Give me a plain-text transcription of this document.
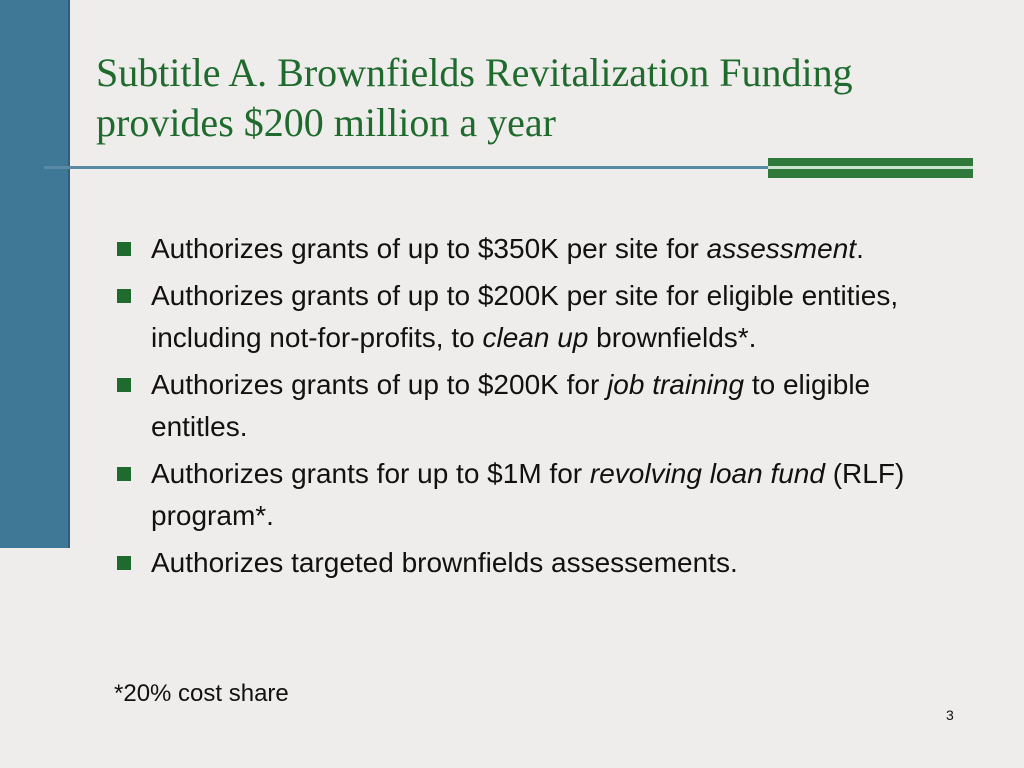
Subtitle A. Brownfields Revitalization Funding
provides $200 million a year
Authorizes grants of up to $350K per site for assessment.
Authorizes grants of up to $200K per site for eligible entities, including not-for-profits, to clean up brownfields*.
Authorizes grants of up to $200K for job training to eligible entitles.
Authorizes grants for up to $1M for revolving loan fund (RLF) program*.
Authorizes targeted brownfields assessements.

*20% cost share

3
